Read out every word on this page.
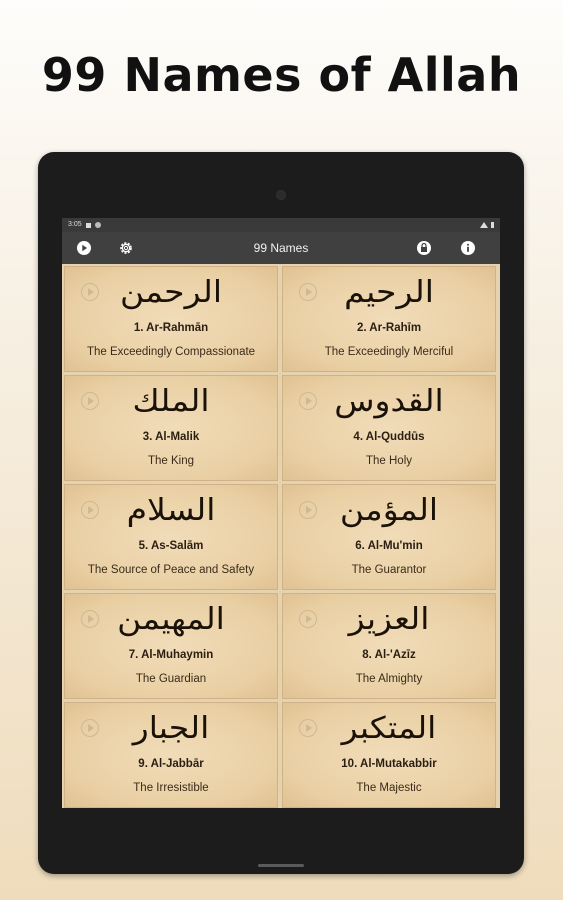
99 Names of Allah
3:05
99 Names
الرحمن
1. Ar-Rahmān
The Exceedingly Compassionate
الرحيم
2. Ar-Rahīm
The Exceedingly Merciful
الملك
3. Al-Malik
The King
القدوس
4. Al-Quddūs
The Holy
السلام
5. As-Salām
The Source of Peace and Safety
المؤمن
6. Al-Mu'min
The Guarantor
المهيمن
7. Al-Muhaymin
The Guardian
العزيز
8. Al-'Azīz
The Almighty
الجبار
9. Al-Jabbār
The Irresistible
المتكبر
10. Al-Mutakabbir
The Majestic
